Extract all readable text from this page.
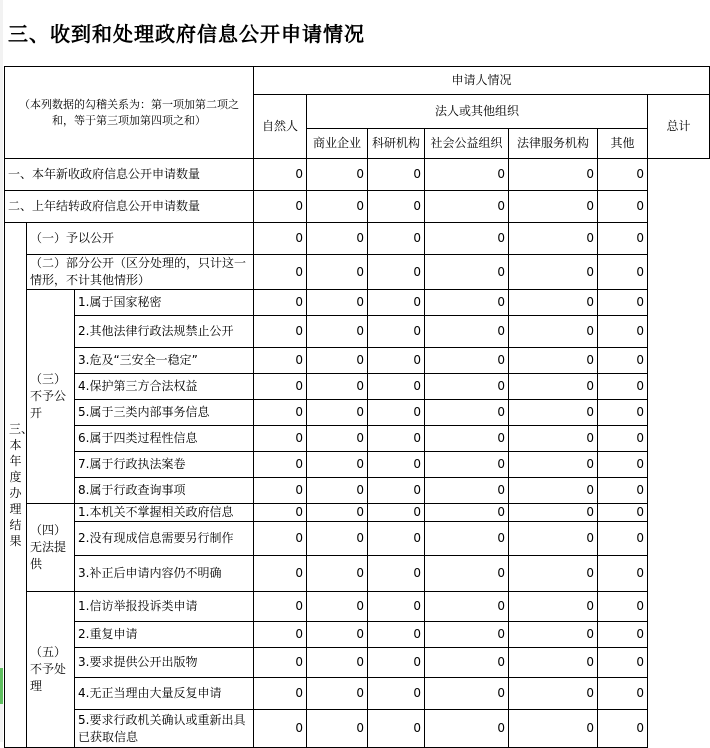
三、收到和处理政府信息公开申请情况
（本列数据的勾稽关系为：第一项加第二项之和，等于第三项加第四项之和）			申请人情况						
			自然人	法人或其他组织					总计
				商业企业	科研机构	社会公益组织	法律服务机构	其他	
一、本年新收政府信息公开申请数量			0	0	0	0	0	0	
二、上年结转政府信息公开申请数量			0	0	0	0	0	0	
三、本年度办理结果	（一）予以公开		0	0	0	0	0	0	
	（二）部分公开（区分处理的，只计这一情形，不计其他情形）		0	0	0	0	0	0	
	（三）不予公开	1.属于国家秘密	0	0	0	0	0	0	
		2.其他法律行政法规禁止公开	0	0	0	0	0	0	
		3.危及“三安全一稳定”	0	0	0	0	0	0	
		4.保护第三方合法权益	0	0	0	0	0	0	
		5.属于三类内部事务信息	0	0	0	0	0	0	
		6.属于四类过程性信息	0	0	0	0	0	0	
		7.属于行政执法案卷	0	0	0	0	0	0	
		8.属于行政查询事项	0	0	0	0	0	0	
	（四）无法提供	1.本机关不掌握相关政府信息	0	0	0	0	0	0	
		2.没有现成信息需要另行制作	0	0	0	0	0	0	
		3.补正后申请内容仍不明确	0	0	0	0	0	0	
	（五）不予处理	1.信访举报投诉类申请	0	0	0	0	0	0	
		2.重复申请	0	0	0	0	0	0	
		3.要求提供公开出版物	0	0	0	0	0	0	
		4.无正当理由大量反复申请	0	0	0	0	0	0	
		5.要求行政机关确认或重新出具已获取信息	0	0	0	0	0	0	
